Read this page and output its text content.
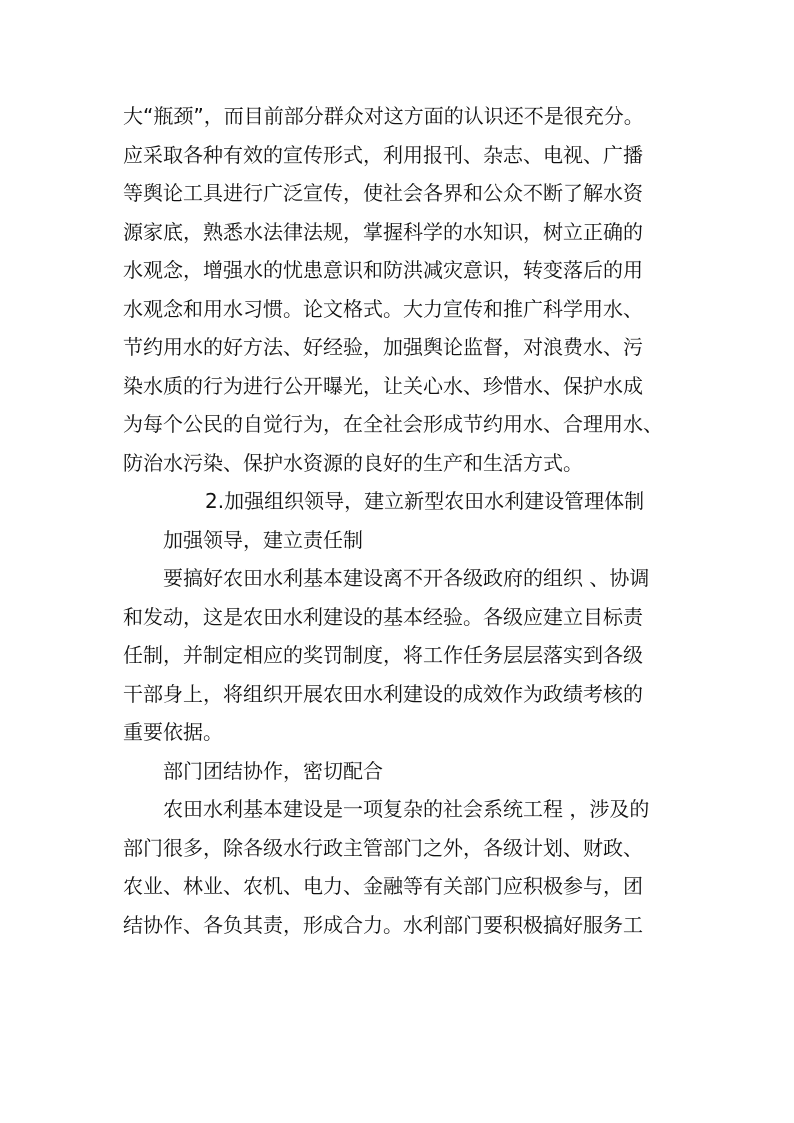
大“瓶颈”，而目前部分群众对这方面的认识还不是很充分。
应采取各种有效的宣传形式，利用报刊、杂志、电视、广播
等舆论工具进行广泛宣传，使社会各界和公众不断了解水资
源家底，熟悉水法律法规，掌握科学的水知识，树立正确的
水观念，增强水的忧患意识和防洪减灾意识，转变落后的用
水观念和用水习惯。论文格式。大力宣传和推广科学用水、
节约用水的好方法、好经验，加强舆论监督，对浪费水、污
染水质的行为进行公开曝光，让关心水、珍惜水、保护水成
为每个公民的自觉行为，在全社会形成节约用水、合理用水、
防治水污染、保护水资源的良好的生产和生活方式。
2.加强组织领导，建立新型农田水利建设管理体制
加强领导，建立责任制
要搞好农田水利基本建设离不开各级政府的组织 、协调
和发动，这是农田水利建设的基本经验。各级应建立目标责
任制，并制定相应的奖罚制度，将工作任务层层落实到各级
干部身上，将组织开展农田水利建设的成效作为政绩考核的
重要依据。
部门团结协作，密切配合
农田水利基本建设是一项复杂的社会系统工程 ，涉及的
部门很多，除各级水行政主管部门之外，各级计划、财政、
农业、林业、农机、电力、金融等有关部门应积极参与，团
结协作、各负其责，形成合力。水利部门要积极搞好服务工
